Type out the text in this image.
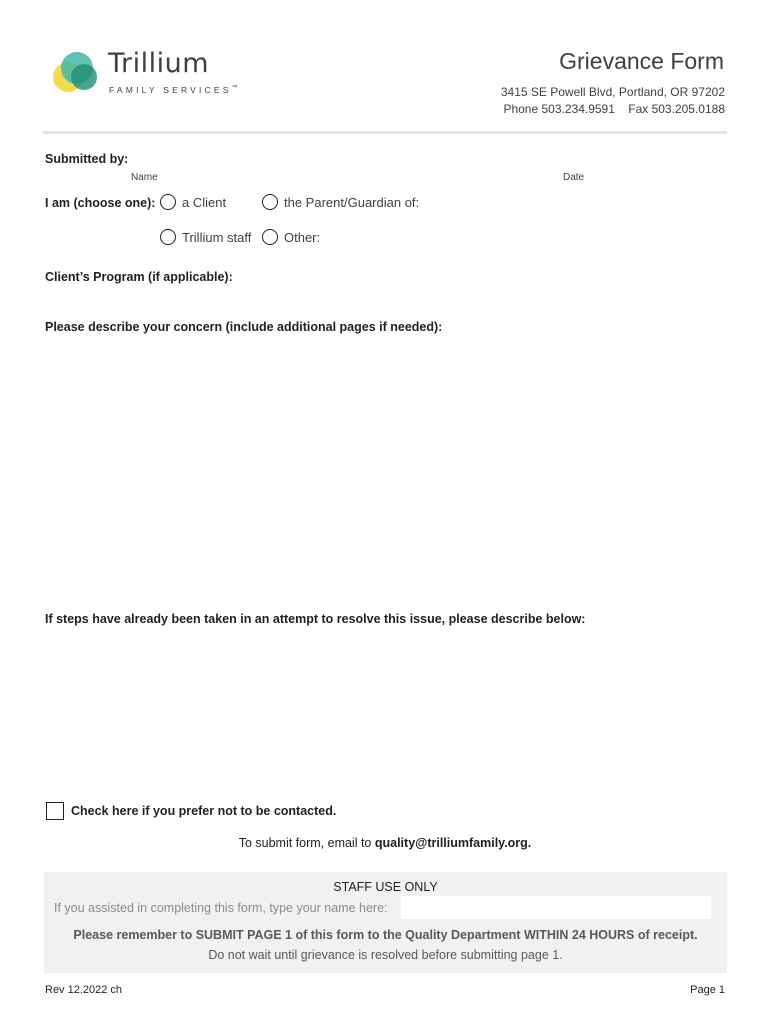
Trillium
FAMILY SERVICES™
Grievance Form
3415 SE Powell Blvd, Portland, OR 97202
Phone 503.234.9591 Fax 503.205.0188
Submitted by:
Name	Date
I am (choose one): a Client	the Parent/Guardian of:
Trillium staff	Other:
Client’s Program (if applicable):
Please describe your concern (include additional pages if needed):
If steps have already been taken in an attempt to resolve this issue, please describe below:
Check here if you prefer not to be contacted.
To submit form, email to quality@trilliumfamily.org.
STAFF USE ONLY
If you assisted in completing this form, type your name here:
Please remember to SUBMIT PAGE 1 of this form to the Quality Department WITHIN 24 HOURS of receipt.
Do not wait until grievance is resolved before submitting page 1.
Rev 12.2022 ch	Page 1
